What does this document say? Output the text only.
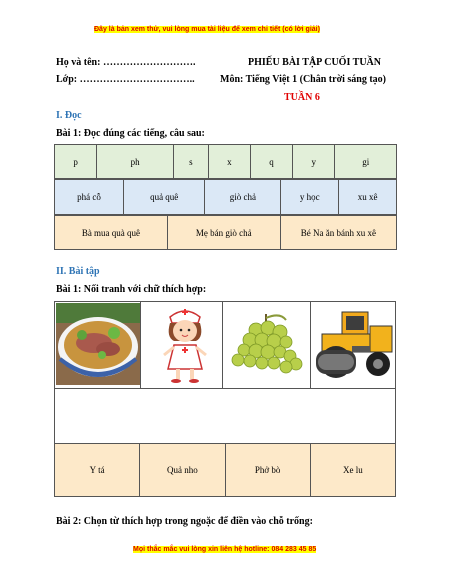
Đây là bản xem thử, vui lòng mua tài liệu để xem chi tiết (có lời giải)
Họ và tên: ……………………….
Lớp: ……………………………..
PHIẾU BÀI TẬP CUỐI TUẦN
Môn: Tiếng Việt 1 (Chân trời sáng tạo)
TUẦN 6
I. Đọc
Bài 1: Đọc đúng các tiếng, câu sau:
p	ph	s	x	q	y	gi
phá cỗ	quả quê	giò chả	y học	xu xê
Bà mua quà quê	Mẹ bán giò chả	Bé Na ăn bánh xu xê
II. Bài tập
Bài 1: Nối tranh với chữ thích hợp:
Y tá	Quả nho	Phở bò	Xe lu
Bài 2: Chọn từ thích hợp trong ngoặc để điền vào chỗ trống:
Mọi thắc mắc vui lòng xin liên hệ hotline: 084 283 45 85
